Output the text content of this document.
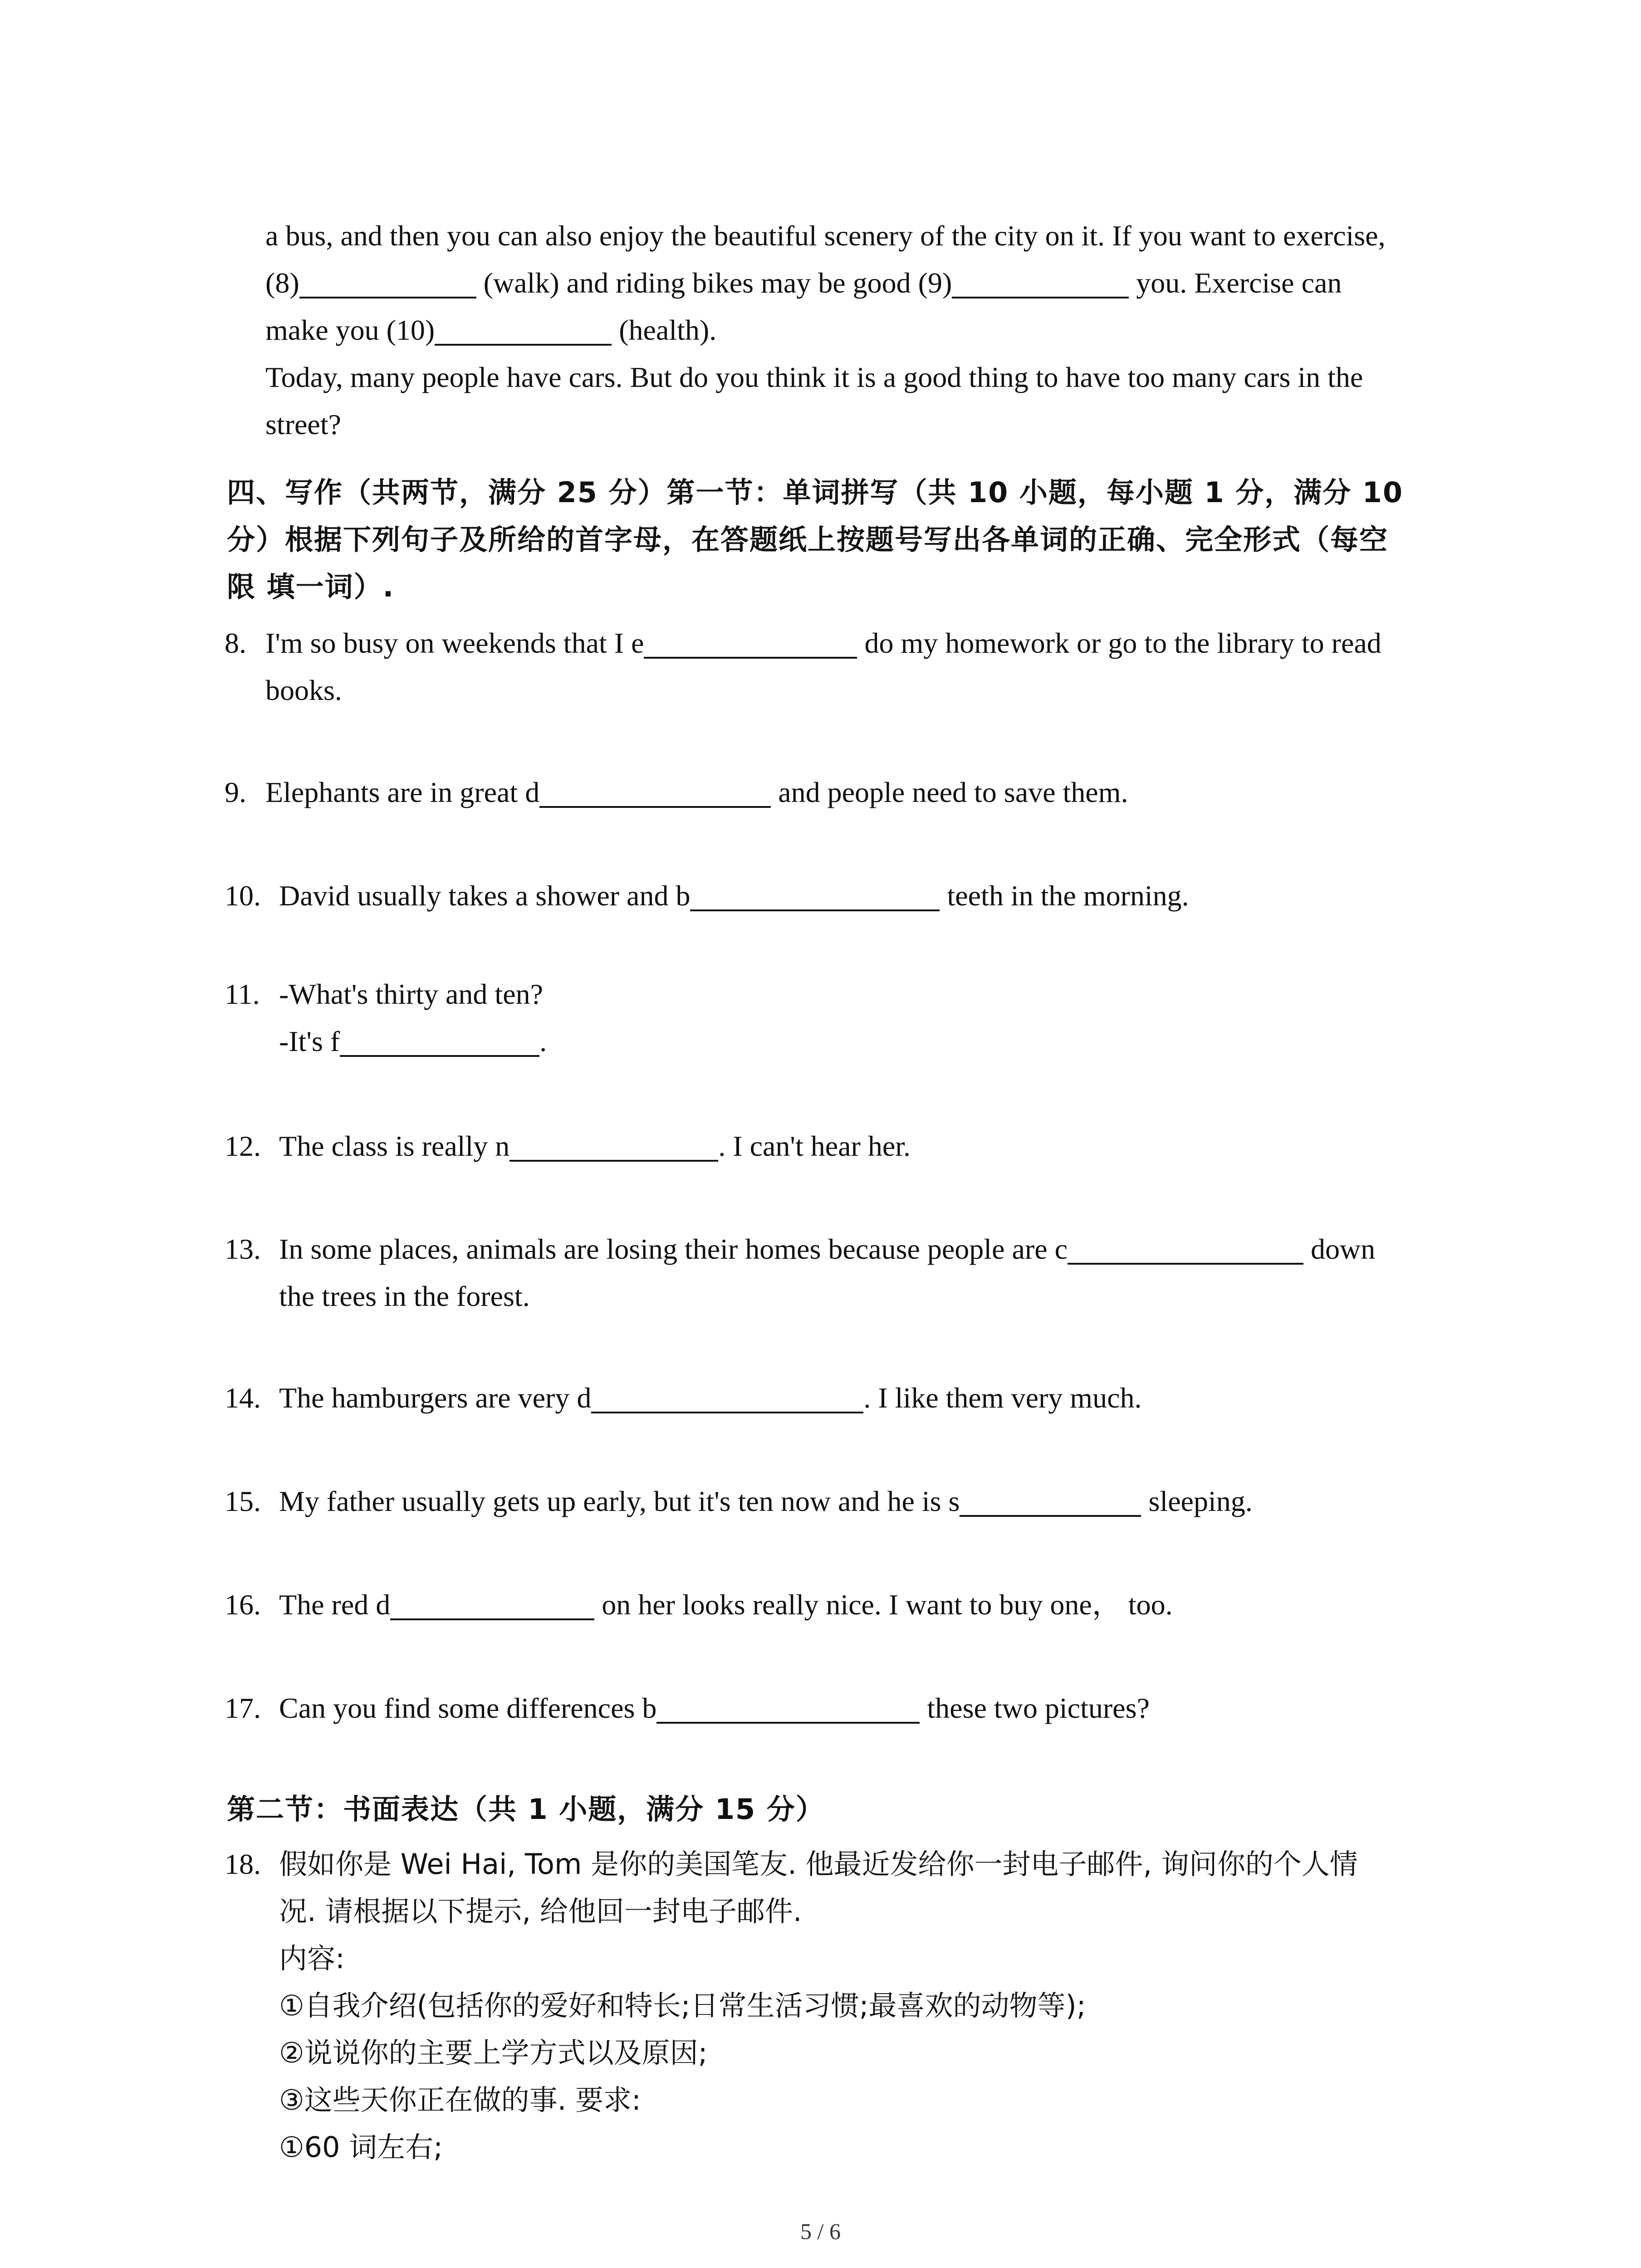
a bus, and then you can also enjoy the beautiful scenery of the city on it. If you want to exercise,
(8)	(walk) and riding bikes may be good (9)	you. Exercise can
make you (10)	(health).
Today, many people have cars. But do you think it is a good thing to have too many cars in the
street?
四、写作（共两节，满分 25 分）第一节：单词拼写（共 10 小题，每小题 1 分，满分 10
分）根据下列句子及所给的首字母，在答题纸上按题号写出各单词的正确、完全形式（每空
限 填一词）.
8. I'm so busy on weekends that I e	do my homework or go to the library to read
books.
9. Elephants are in great d	and people need to save them.
10. David usually takes a shower and b	teeth in the morning.
11. -What's thirty and ten?
-It's f	.
12. The class is really n	. I can't hear her.
13. In some places, animals are losing their homes because people are c	down
the trees in the forest.
14. The hamburgers are very d	. I like them very much.
15. My father usually gets up early, but it's ten now and he is s	sleeping.
16. The red d	on her looks really nice. I want to buy one， too.
17. Can you find some differences b	these two pictures?
第二节：书面表达（共 1 小题，满分 15 分）
18. 假如你是 Wei Hai, Tom 是你的美国笔友. 他最近发给你一封电子邮件, 询问你的个人情
况. 请根据以下提示, 给他回一封电子邮件.
内容:
①自我介绍(包括你的爱好和特长;日常生活习惯;最喜欢的动物等);
②说说你的主要上学方式以及原因;
③这些天你正在做的事. 要求:
①60 词左右;
5 / 6
